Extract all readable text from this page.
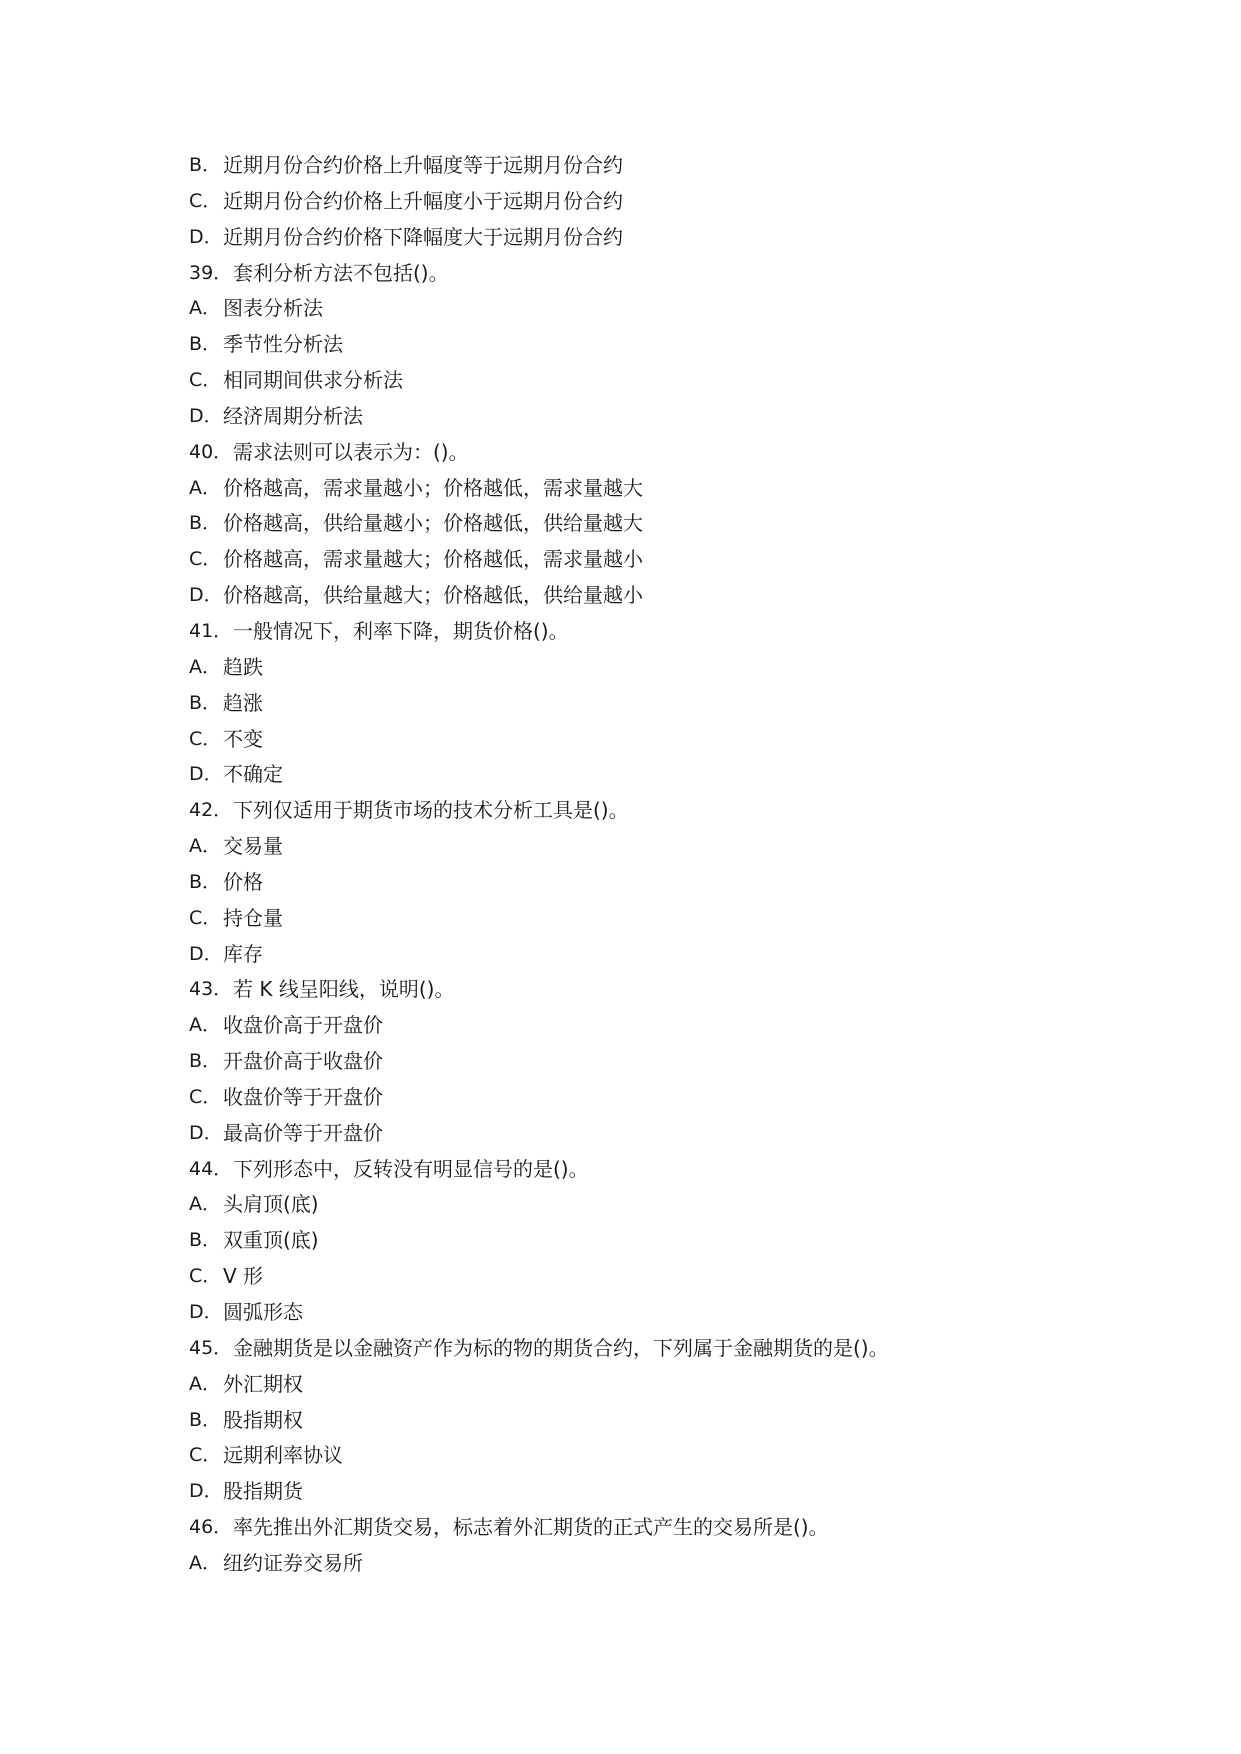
B． 近期月份合约价格上升幅度等于远期月份合约
C． 近期月份合约价格上升幅度小于远期月份合约
D． 近期月份合约价格下降幅度大于远期月份合约
39． 套利分析方法不包括()。
A． 图表分析法
B． 季节性分析法
C． 相同期间供求分析法
D． 经济周期分析法
40． 需求法则可以表示为：()。
A． 价格越高，需求量越小；价格越低，需求量越大
B． 价格越高，供给量越小；价格越低，供给量越大
C． 价格越高，需求量越大；价格越低，需求量越小
D． 价格越高，供给量越大；价格越低，供给量越小
41． 一般情况下，利率下降，期货价格()。
A． 趋跌
B． 趋涨
C． 不变
D． 不确定
42． 下列仅适用于期货市场的技术分析工具是()。
A． 交易量
B． 价格
C． 持仓量
D． 库存
43． 若 K 线呈阳线，说明()。
A． 收盘价高于开盘价
B． 开盘价高于收盘价
C． 收盘价等于开盘价
D． 最高价等于开盘价
44． 下列形态中，反转没有明显信号的是()。
A． 头肩顶(底)
B． 双重顶(底)
C． V 形
D． 圆弧形态
45． 金融期货是以金融资产作为标的物的期货合约，下列属于金融期货的是()。
A． 外汇期权
B． 股指期权
C． 远期利率协议
D． 股指期货
46． 率先推出外汇期货交易，标志着外汇期货的正式产生的交易所是()。
A． 纽约证券交易所
